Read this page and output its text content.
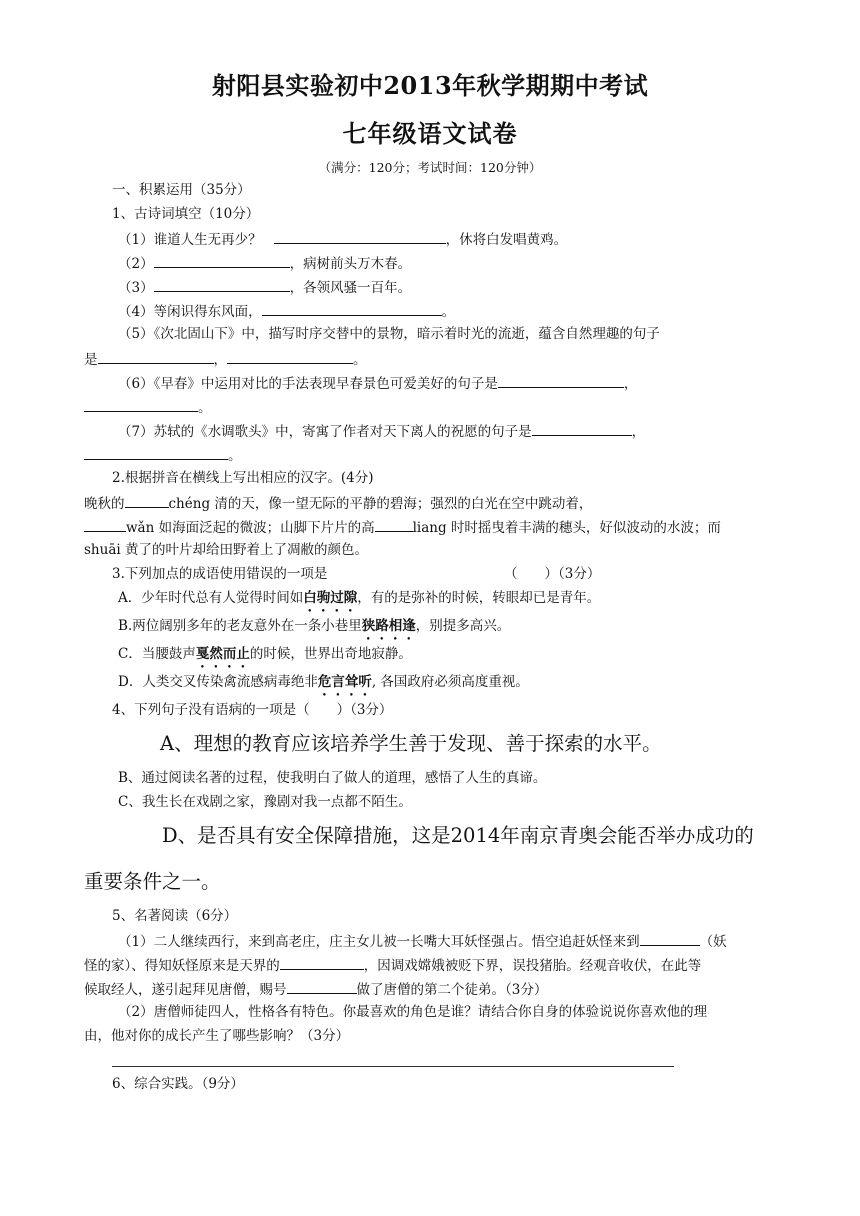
射阳县实验初中2013年秋学期期中考试
七年级语文试卷
（满分：120分；考试时间：120分钟）
一、积累运用（35分）
1、古诗词填空（10分）
（1）谁道人生无再少？	，休将白发唱黄鸡。
（2）	，病树前头万木春。
（3）	，各领风骚一百年。
（4）等闲识得东风面，	。
（5）《次北固山下》中，描写时序交替中的景物，暗示着时光的流逝，蕴含自然理趣的句子
是	，	。
（6）《早春》中运用对比的手法表现早春景色可爱美好的句子是	，
。
（7）苏轼的《水调歌头》中，寄寓了作者对天下离人的祝愿的句子是	，
。
2.根据拼音在横线上写出相应的汉字。(4分)
晚秋的	chéng 清的天，像一望无际的平静的碧海；强烈的白光在空中跳动着，
wǎn 如海面泛起的微波；山脚下片片的高	liang 时时摇曳着丰满的穗头，好似波动的水波；而
shuāi 黄了的叶片却给田野着上了凋敝的颜色。
3.下列加点的成语使用错误的一项是	（　　）（3分）
A．少年时代总有人觉得时间如白驹过隙，有的是弥补的时候，转眼却已是青年。
B.两位阔别多年的老友意外在一条小巷里狭路相逢，别提多高兴。
C．当腰鼓声戛然而止的时候，世界出奇地寂静。
D．人类交叉传染禽流感病毒绝非危言耸听, 各国政府必须高度重视。
4、下列句子没有语病的一项是（　　）（3分）
A、理想的教育应该培养学生善于发现、善于探索的水平。
B、通过阅读名著的过程，使我明白了做人的道理，感悟了人生的真谛。
C、我生长在戏剧之家，豫剧对我一点都不陌生。
D、是否具有安全保障措施，这是2014年南京青奥会能否举办成功的
重要条件之一。
5、名著阅读（6分）
（1）二人继续西行，来到高老庄，庄主女儿被一长嘴大耳妖怪强占。悟空追赶妖怪来到	（妖
怪的家）、得知妖怪原来是天界的	，因调戏嫦娥被贬下界，误投猪胎。经观音收伏，在此等
候取经人，遂引起拜见唐僧，赐号	做了唐僧的第二个徒弟。（3分）
（2）唐僧师徒四人，性格各有特色。你最喜欢的角色是谁？请结合你自身的体验说说你喜欢他的理
由，他对你的成长产生了哪些影响？（3分）
6、综合实践。（9分）
